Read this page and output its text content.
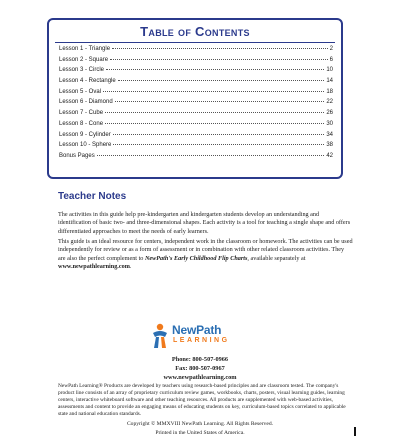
Table of Contents
Lesson 1 - Triangle	2
Lesson 2 - Square	6
Lesson 3 - Circle	10
Lesson 4 - Rectangle	14
Lesson 5 - Oval	18
Lesson 6 - Diamond	22
Lesson 7 - Cube	26
Lesson 8 - Cone	30
Lesson 9 - Cylinder	34
Lesson 10 - Sphere	38
Bonus Pages	42
Teacher Notes
The activities in this guide help pre-kindergarten and kindergarten students develop an understanding and identification of basic two- and three-dimensional shapes. Each activity is a tool for teaching a single shape and offers differentiated approaches to meet the needs of early learners.
This guide is an ideal resource for centers, independent work in the classroom or homework. The activities can be used independently for review or as a form of assessment or in combination with other related classroom activities. They are also the perfect complement to NewPath's Early Childhood Flip Charts, available separately at www.newpathlearning.com.
NewPath
LEARNING
Phone: 800-507-0966
Fax: 800-507-0967
www.newpathlearning.com
NewPath Learning® Products are developed by teachers using research-based principles and are classroom tested. The company's product line consists of an array of proprietary curriculum review games, workbooks, charts, posters, visual learning guides, learning centers, interactive whiteboard software and other teaching resources. All products are supplemented with web-based activities, assessments and content to provide an engaging means of educating students on key, curriculum-based topics correlated to applicable state and national education standards.
Copyright © MMXVIII NewPath Learning. All Rights Reserved.
Printed in the United States of America.
